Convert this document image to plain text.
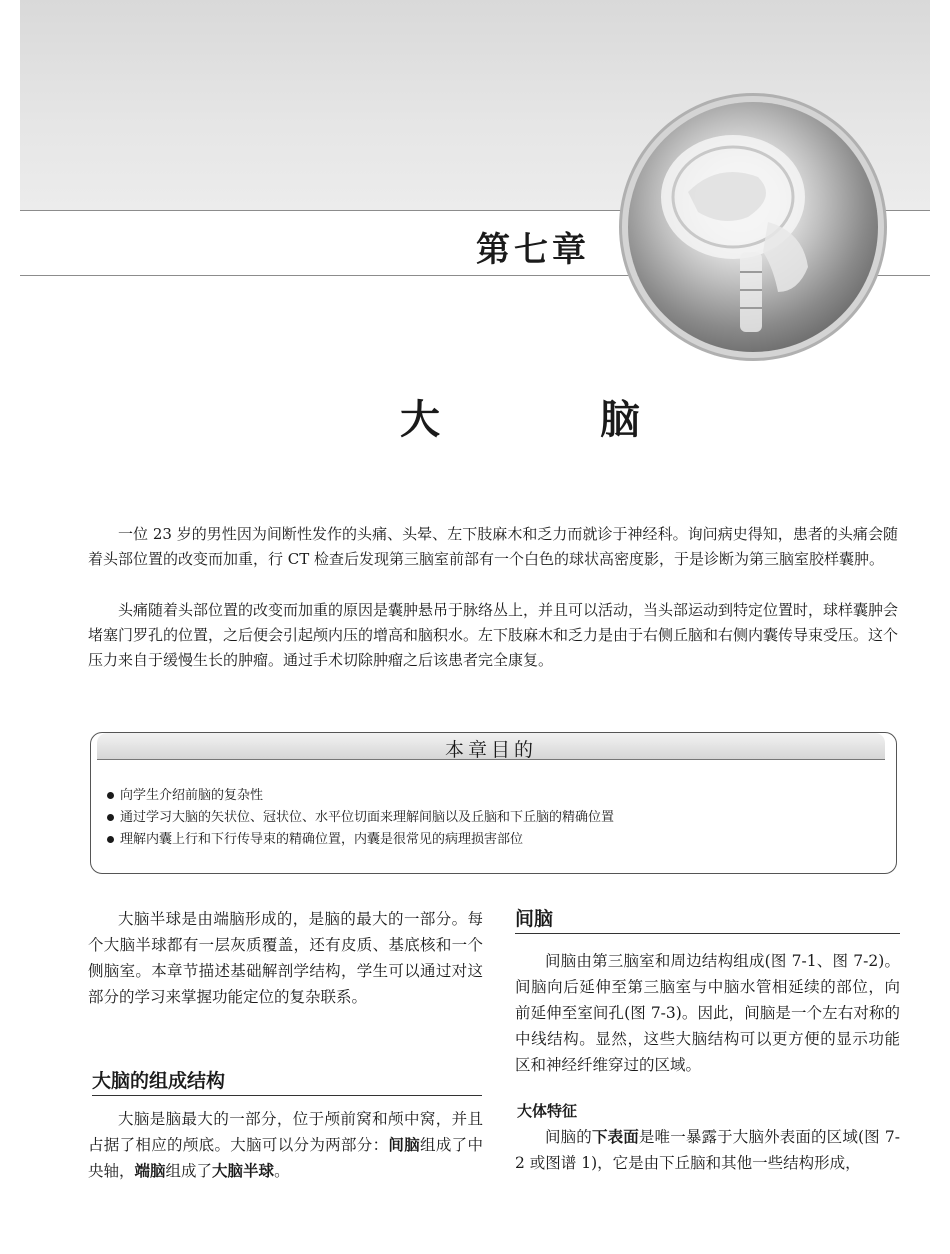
第七章
大　脑

一位 23 岁的男性因为间断性发作的头痛、头晕、左下肢麻木和乏力而就诊于神经科。询问病史得知，患者的头痛会随着头部位置的改变而加重，行 CT 检查后发现第三脑室前部有一个白色的球状高密度影，于是诊断为第三脑室胶样囊肿。

头痛随着头部位置的改变而加重的原因是囊肿悬吊于脉络丛上，并且可以活动，当头部运动到特定位置时，球样囊肿会堵塞门罗孔的位置，之后便会引起颅内压的增高和脑积水。左下肢麻木和乏力是由于右侧丘脑和右侧内囊传导束受压。这个压力来自于缓慢生长的肿瘤。通过手术切除肿瘤之后该患者完全康复。

本章目的
向学生介绍前脑的复杂性
通过学习大脑的矢状位、冠状位、水平位切面来理解间脑以及丘脑和下丘脑的精确位置
理解内囊上行和下行传导束的精确位置，内囊是很常见的病理损害部位

大脑半球是由端脑形成的，是脑的最大的一部分。每个大脑半球都有一层灰质覆盖，还有皮质、基底核和一个侧脑室。本章节描述基础解剖学结构，学生可以通过对这部分的学习来掌握功能定位的复杂联系。

大脑的组成结构

大脑是脑最大的一部分，位于颅前窝和颅中窝，并且占据了相应的颅底。大脑可以分为两部分：间脑组成了中央轴，端脑组成了大脑半球。

间脑

间脑由第三脑室和周边结构组成(图 7-1、图 7-2)。间脑向后延伸至第三脑室与中脑水管相延续的部位，向前延伸至室间孔(图 7-3)。因此，间脑是一个左右对称的中线结构。显然，这些大脑结构可以更方便的显示功能区和神经纤维穿过的区域。

大体特征

间脑的下表面是唯一暴露于大脑外表面的区域(图 7-2 或图谱 1)，它是由下丘脑和其他一些结构形成，
